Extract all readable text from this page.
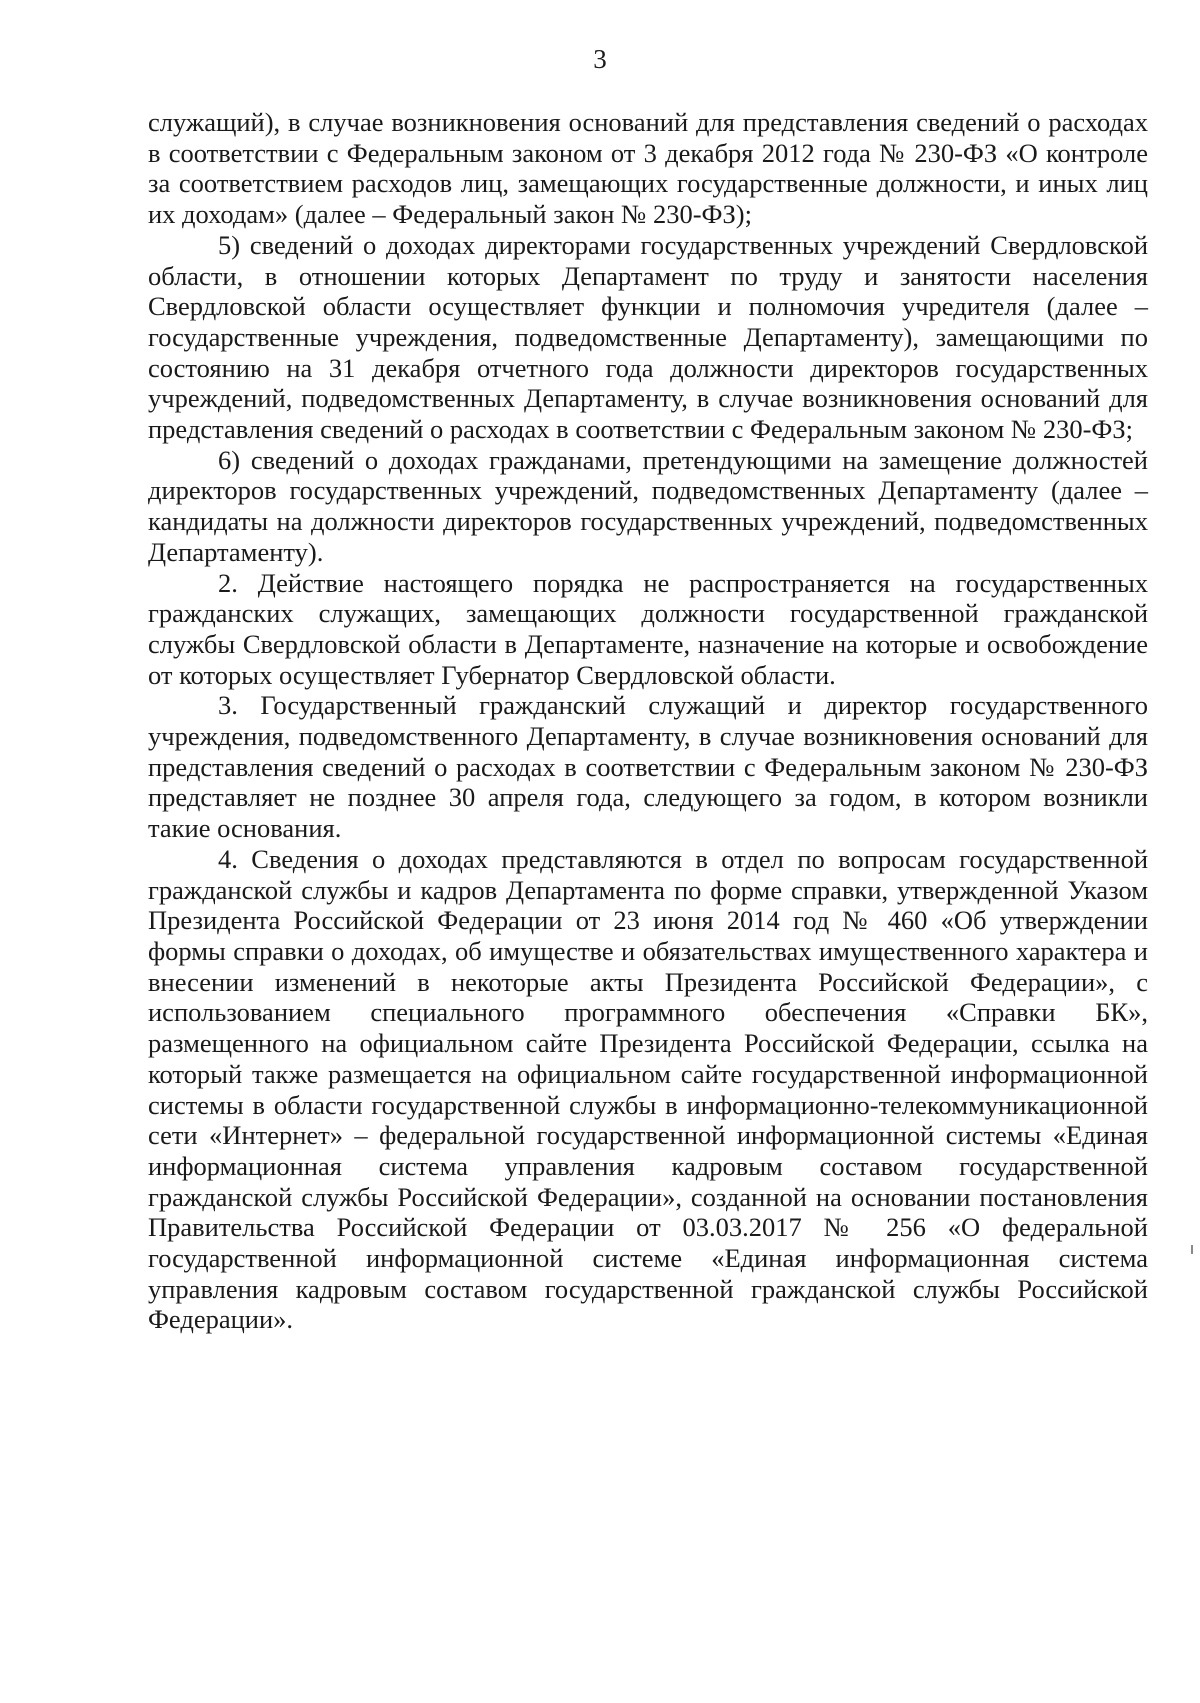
3

служащий), в случае возникновения оснований для представления сведений о расходах в соответствии с Федеральным законом от 3 декабря 2012 года № 230-ФЗ «О контроле за соответствием расходов лиц, замещающих государственные должности, и иных лиц их доходам» (далее – Федеральный закон № 230-ФЗ);

5) сведений о доходах директорами государственных учреждений Свердловской области, в отношении которых Департамент по труду и занятости населения Свердловской области осуществляет функции и полномочия учредителя (далее – государственные учреждения, подведомственные Департаменту), замещающими по состоянию на 31 декабря отчетного года должности директоров государственных учреждений, подведомственных Департаменту, в случае возникновения оснований для представления сведений о расходах в соответствии с Федеральным законом № 230-ФЗ;

6) сведений о доходах гражданами, претендующими на замещение должностей директоров государственных учреждений, подведомственных Департаменту (далее – кандидаты на должности директоров государственных учреждений, подведомственных Департаменту).

2. Действие настоящего порядка не распространяется на государственных гражданских служащих, замещающих должности государственной гражданской службы Свердловской области в Департаменте, назначение на которые и освобождение от которых осуществляет Губернатор Свердловской области.

3. Государственный гражданский служащий и директор государственного учреждения, подведомственного Департаменту, в случае возникновения оснований для представления сведений о расходах в соответствии с Федеральным законом № 230-ФЗ представляет не позднее 30 апреля года, следующего за годом, в котором возникли такие основания.

4. Сведения о доходах представляются в отдел по вопросам государственной гражданской службы и кадров Департамента по форме справки, утвержденной Указом Президента Российской Федерации от 23 июня 2014 год № 460 «Об утверждении формы справки о доходах, об имуществе и обязательствах имущественного характера и внесении изменений в некоторые акты Президента Российской Федерации», с использованием специального программного обеспечения «Справки БК», размещенного на официальном сайте Президента Российской Федерации, ссылка на который также размещается на официальном сайте государственной информационной системы в области государственной службы в информационно-телекоммуникационной сети «Интернет» – федеральной государственной информационной системы «Единая информационная система управления кадровым составом государственной гражданской службы Российской Федерации», созданной на основании постановления Правительства Российской Федерации от 03.03.2017 № 256 «О федеральной государственной информационной системе «Единая информационная система управления кадровым составом государственной гражданской службы Российской Федерации».
